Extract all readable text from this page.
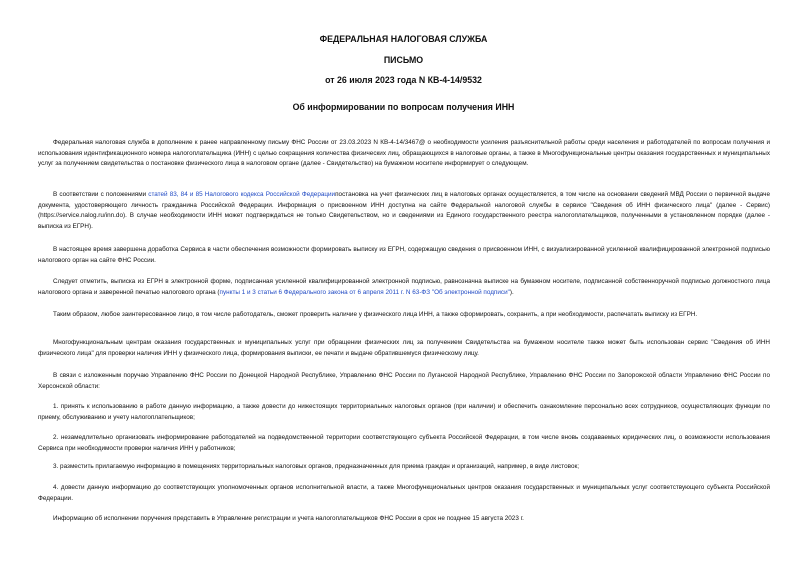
ФЕДЕРАЛЬНАЯ НАЛОГОВАЯ СЛУЖБА
ПИСЬМО
от 26 июля 2023 года N КВ-4-14/9532
Об информировании по вопросам получения ИНН

Федеральная налоговая служба в дополнение к ранее направленному письму ФНС России от 23.03.2023 N КВ-4-14/3467@ о необходимости усиления разъяснительной работы среди населения и работодателей по вопросам получения и использования идентификационного номера налогоплательщика (ИНН) с целью сокращения количества физических лиц, обращающихся в налоговые органы, а также в Многофункциональные центры оказания государственных и муниципальных услуг за получением свидетельства о постановке физического лица в налоговом органе (далее - Свидетельство) на бумажном носителе информирует о следующем.

В соответствии с положениями статей 83, 84 и 85 Налогового кодекса Российской Федерациипостановка на учет физических лиц в налоговых органах осуществляется, в том числе на основании сведений МВД России о первичной выдаче документа, удостоверяющего личность гражданина Российской Федерации. Информация о присвоенном ИНН доступна на сайте Федеральной налоговой службы в сервисе "Сведения об ИНН физического лица" (далее - Сервис) (https://service.nalog.ru/inn.do). В случае необходимости ИНН может подтверждаться не только Свидетельством, но и сведениями из Единого государственного реестра налогоплательщиков, полученными в установленном порядке (далее - выписка из ЕГРН).

В настоящее время завершена доработка Сервиса в части обеспечения возможности формировать выписку из ЕГРН, содержащую сведения о присвоенном ИНН, с визуализированной усиленной квалифицированной электронной подписью налогового орган на сайте ФНС России.

Следует отметить, выписка из ЕГРН в электронной форме, подписанная усиленной квалифицированной электронной подписью, равнозначна выписке на бумажном носителе, подписанной собственноручной подписью должностного лица налогового органа и заверенной печатью налогового органа (пункты 1 и 3 статьи 6 Федерального закона от 6 апреля 2011 г. N 63-ФЗ "Об электронной подписи").

Таким образом, любое заинтересованное лицо, в том числе работодатель, сможет проверить наличие у физического лица ИНН, а также сформировать, сохранить, а при необходимости, распечатать выписку из ЕГРН.

Многофункциональным центрам оказания государственных и муниципальных услуг при обращении физических лиц за получением Свидетельства на бумажном носителе также может быть использован сервис "Сведения об ИНН физического лица" для проверки наличия ИНН у физического лица, формирования выписки, ее печати и выдаче обратившемуся физическому лицу.

В связи с изложенным поручаю Управлению ФНС России по Донецкой Народной Республике, Управлению ФНС России по Луганской Народной Республике, Управлению ФНС России по Запорожской области Управлению ФНС России по Херсонской области:

1. принять к использованию в работе данную информацию, а также довести до нижестоящих территориальных налоговых органов (при наличии) и обеспечить ознакомление персонально всех сотрудников, осуществляющих функции по приему, обслуживанию и учету налогоплательщиков;

2. незамедлительно организовать информирование работодателей на подведомственной территории соответствующего субъекта Российской Федерации, в том числе вновь создаваемых юридических лиц, о возможности использования Сервиса при необходимости проверки наличия ИНН у работников;

3. разместить прилагаемую информацию в помещениях территориальных налоговых органов, предназначенных для приема граждан и организаций, например, в виде листовок;

4. довести данную информацию до соответствующих уполномоченных органов исполнительной власти, а также Многофункциональных центров оказания государственных и муниципальных услуг соответствующего субъекта Российской Федерации.

Информацию об исполнении поручения представить в Управление регистрации и учета налогоплательщиков ФНС России в срок не позднее 15 августа 2023 г.
